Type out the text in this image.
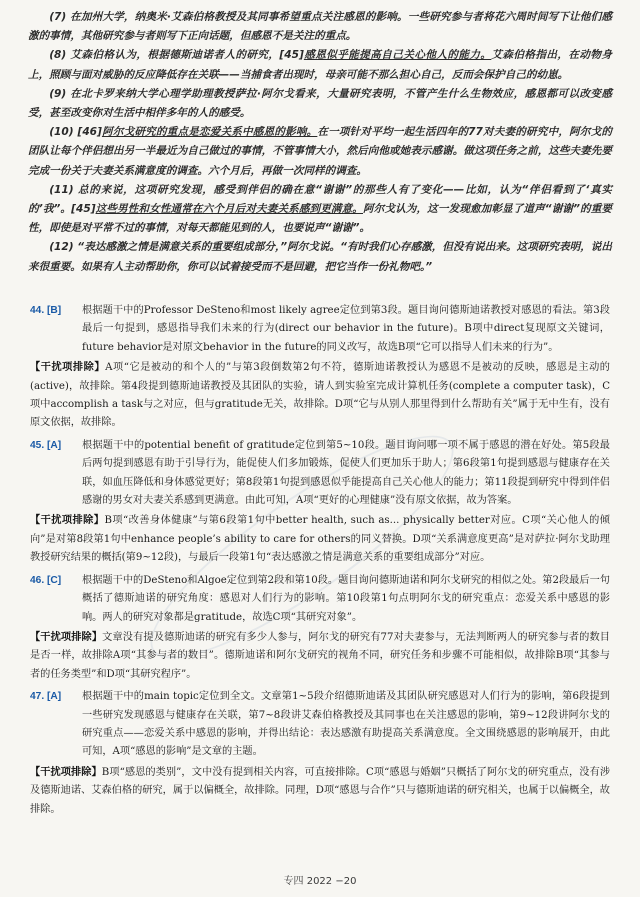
(7) 在加州大学，纳奥米·艾森伯格教授及其同事希望重点关注感恩的影响。一些研究参与者将花六周时间写下让他们感激的事情，其他研究参与者则写下正向话题，但感恩不是关注的重点。

(8) 艾森伯格认为，根据德斯迪诺者人的研究，[45]感恩似乎能提高自己关心他人的能力。艾森伯格指出，在动物身上，照顾与面对威胁的反应降低存在关联——当捕食者出现时，母亲可能不那么担心自己，反而会保护自己的幼崽。

(9) 在北卡罗来纳大学心理学助理教授萨拉·阿尔戈看来，大量研究表明，不管产生什么生物效应，感恩都可以改变感受，甚至改变你对生活中相伴多年的人的感受。

(10) [46]阿尔戈研究的重点是恋爱关系中感恩的影响。在一项针对平均一起生活四年的77对夫妻的研究中，阿尔戈的团队让每个伴侣想出另一半最近为自己做过的事情，不管事情大小，然后向他或她表示感谢。做这项任务之前，这些夫妻先要完成一份关于夫妻关系满意度的调查。六个月后，再做一次同样的调查。

(11) 总的来说，这项研究发现，感受到伴侣的确在意“谢谢”的那些人有了变化——比如，认为“伴侣看到了‘真实的’我”。[45]这些男性和女性通常在六个月后对夫妻关系感到更满意。阿尔戈认为，这一发现愈加彰显了道声“谢谢”的重要性，即使是对平常不过的事情，对每天都能见到的人，也要说声“谢谢”。

(12) “表达感激之情是满意关系的重要组成部分，”阿尔戈说。“有时我们心存感激，但没有说出来。这项研究表明，说出来很重要。如果有人主动帮助你，你可以试着接受而不是回避，把它当作一份礼物吧。”

44. [B]	根据题干中的Professor DeSteno和most likely agree定位到第3段。题目询问德斯迪诺教授对感恩的看法。第3段最后一句提到，感恩指导我们未来的行为(direct our behavior in the future)。B项中direct复现原文关键词，future behavior是对原文behavior in the future的同义改写，故选B项“它可以指导人们未来的行为”。

【干扰项排除】A项“它是被动的和个人的”与第3段倒数第2句不符，德斯迪诺教授认为感恩不是被动的反映，感恩是主动的(active)，故排除。第4段提到德斯迪诺教授及其团队的实验，请人到实验室完成计算机任务(complete a computer task)，C项中accomplish a task与之对应，但与gratitude无关，故排除。D项“它与从别人那里得到什么帮助有关”属于无中生有，没有原文依据，故排除。

45. [A]	根据题干中的potential benefit of gratitude定位到第5~10段。题目询问哪一项不属于感恩的潜在好处。第5段最后两句提到感恩有助于引导行为，能促使人们多加锻炼，促使人们更加乐于助人；第6段第1句提到感恩与健康存在关联，如血压降低和身体感觉更好；第8段第1句提到感恩似乎能提高自己关心他人的能力；第11段提到研究中得到伴侣感谢的男女对夫妻关系感到更满意。由此可知，A项“更好的心理健康”没有原文依据，故为答案。

【干扰项排除】B项“改善身体健康”与第6段第1句中better health, such as... physically better对应。C项“关心他人的倾向”是对第8段第1句中enhance people’s ability to care for others的同义替换。D项“关系满意度更高”是对萨拉·阿尔戈助理教授研究结果的概括(第9~12段)，与最后一段第1句“表达感激之情是满意关系的重要组成部分”对应。

46. [C]	根据题干中的DeSteno和Algoe定位到第2段和第10段。题目询问德斯迪诺和阿尔戈研究的相似之处。第2段最后一句概括了德斯迪诺的研究角度：感恩对人们行为的影响。第10段第1句点明阿尔戈的研究重点：恋爱关系中感恩的影响。两人的研究对象都是gratitude，故选C项“其研究对象”。

【干扰项排除】文章没有提及德斯迪诺的研究有多少人参与，阿尔戈的研究有77对夫妻参与，无法判断两人的研究参与者的数目是否一样，故排除A项“其参与者的数目”。德斯迪诺和阿尔戈研究的视角不同，研究任务和步骤不可能相似，故排除B项“其参与者的任务类型”和D项“其研究程序”。

47. [A]	根据题干中的main topic定位到全文。文章第1~5段介绍德斯迪诺及其团队研究感恩对人们行为的影响，第6段提到一些研究发现感恩与健康存在关联，第7~8段讲艾森伯格教授及其同事也在关注感恩的影响，第9~12段讲阿尔戈的研究重点——恋爱关系中感恩的影响，并得出结论：表达感激有助提高关系满意度。全文围绕感恩的影响展开，由此可知，A项“感恩的影响”是文章的主题。

【干扰项排除】B项“感恩的类别”，文中没有提到相关内容，可直接排除。C项“感恩与婚姻”只概括了阿尔戈的研究重点，没有涉及德斯迪诺、艾森伯格的研究，属于以偏概全，故排除。同理，D项“感恩与合作”只与德斯迪诺的研究相关，也属于以偏概全，故排除。

专四 2022 −20
